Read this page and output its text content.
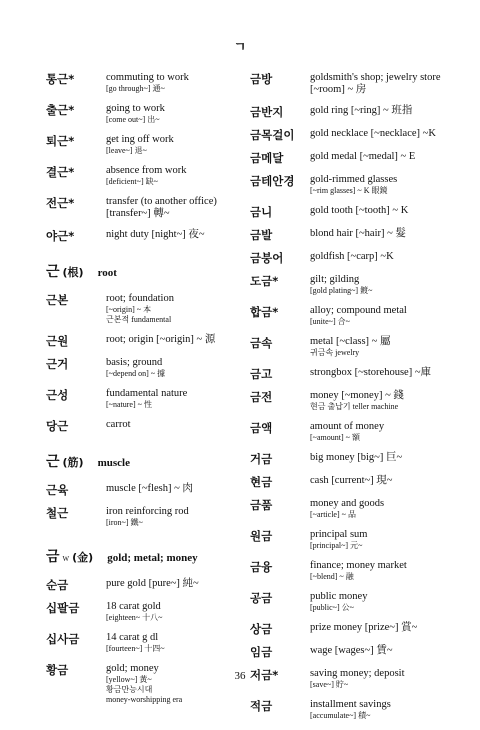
ㄱ
통근*	commuting to work
[go through~] 通~
출근*	going to work
[come out~] 出~
퇴근*	get ing off work
[leave~] 退~
결근*	absence from work
[deficient~] 缺~
전근*	transfer (to another office) [transfer~] 轉~
야근*	night duty [night~] 夜~
근 (根) root
근본	root; foundation
[~origin] ~ 本
근본적 fundamental
근원	root; origin [~origin] ~ 源
근거	basis; ground
[~depend on] ~ 據
근성	fundamental nature
[~nature] ~ 性
당근	carrot
근 (筋) muscle
근육	muscle [~flesh] ~ 肉
철근	iron reinforcing rod
[iron~] 鐵~
금 W (金) gold; metal; money
순금	pure gold [pure~] 純~
십팔금	18 carat gold
[eighteen~ 十八~
십사금	14 carat g dl
[fourteen~] 十四~
황금	gold; money
[yellow~] 黃~
황금만능시대
money-worshipping era
금방	goldsmith's shop; jewelry store [~room] ~ 房
금반지	gold ring [~ring] ~ 班指
금목걸이	gold necklace [~necklace] ~K
금메달	gold medal [~medal] ~ E
금테안경	gold-rimmed glasses
[~rim glasses] ~ K 眼鏡
금니	gold tooth [~tooth] ~ K
금발	blond hair [~hair] ~ 髮
금붕어	goldfish [~carp] ~K
도금*	gilt; gilding
[gold plating~] 鍍~
합금*	alloy; compound metal
[unite~] 合~
금속	metal [~class] ~ 屬
귀금속 jewelry
금고	strongbox [~storehouse] ~庫
금전	money [~money] ~ 錢
현금 출납기 teller machine
금액	amount of money
[~amount] ~ 額
거금	big money [big~] 巨~
현금	cash [current~] 現~
금품	money and goods
[~article] ~ 品
원금	principal sum
[principal~] 元~
금융	finance; money market
[~blend] ~ 融
공금	public money
[public~] 公~
상금	prize money [prize~] 賞~
임금	wage [wages~] 賃~
저금*	saving money; deposit
[save~] 貯~
적금	installment savings
[accumulate~] 積~
36
